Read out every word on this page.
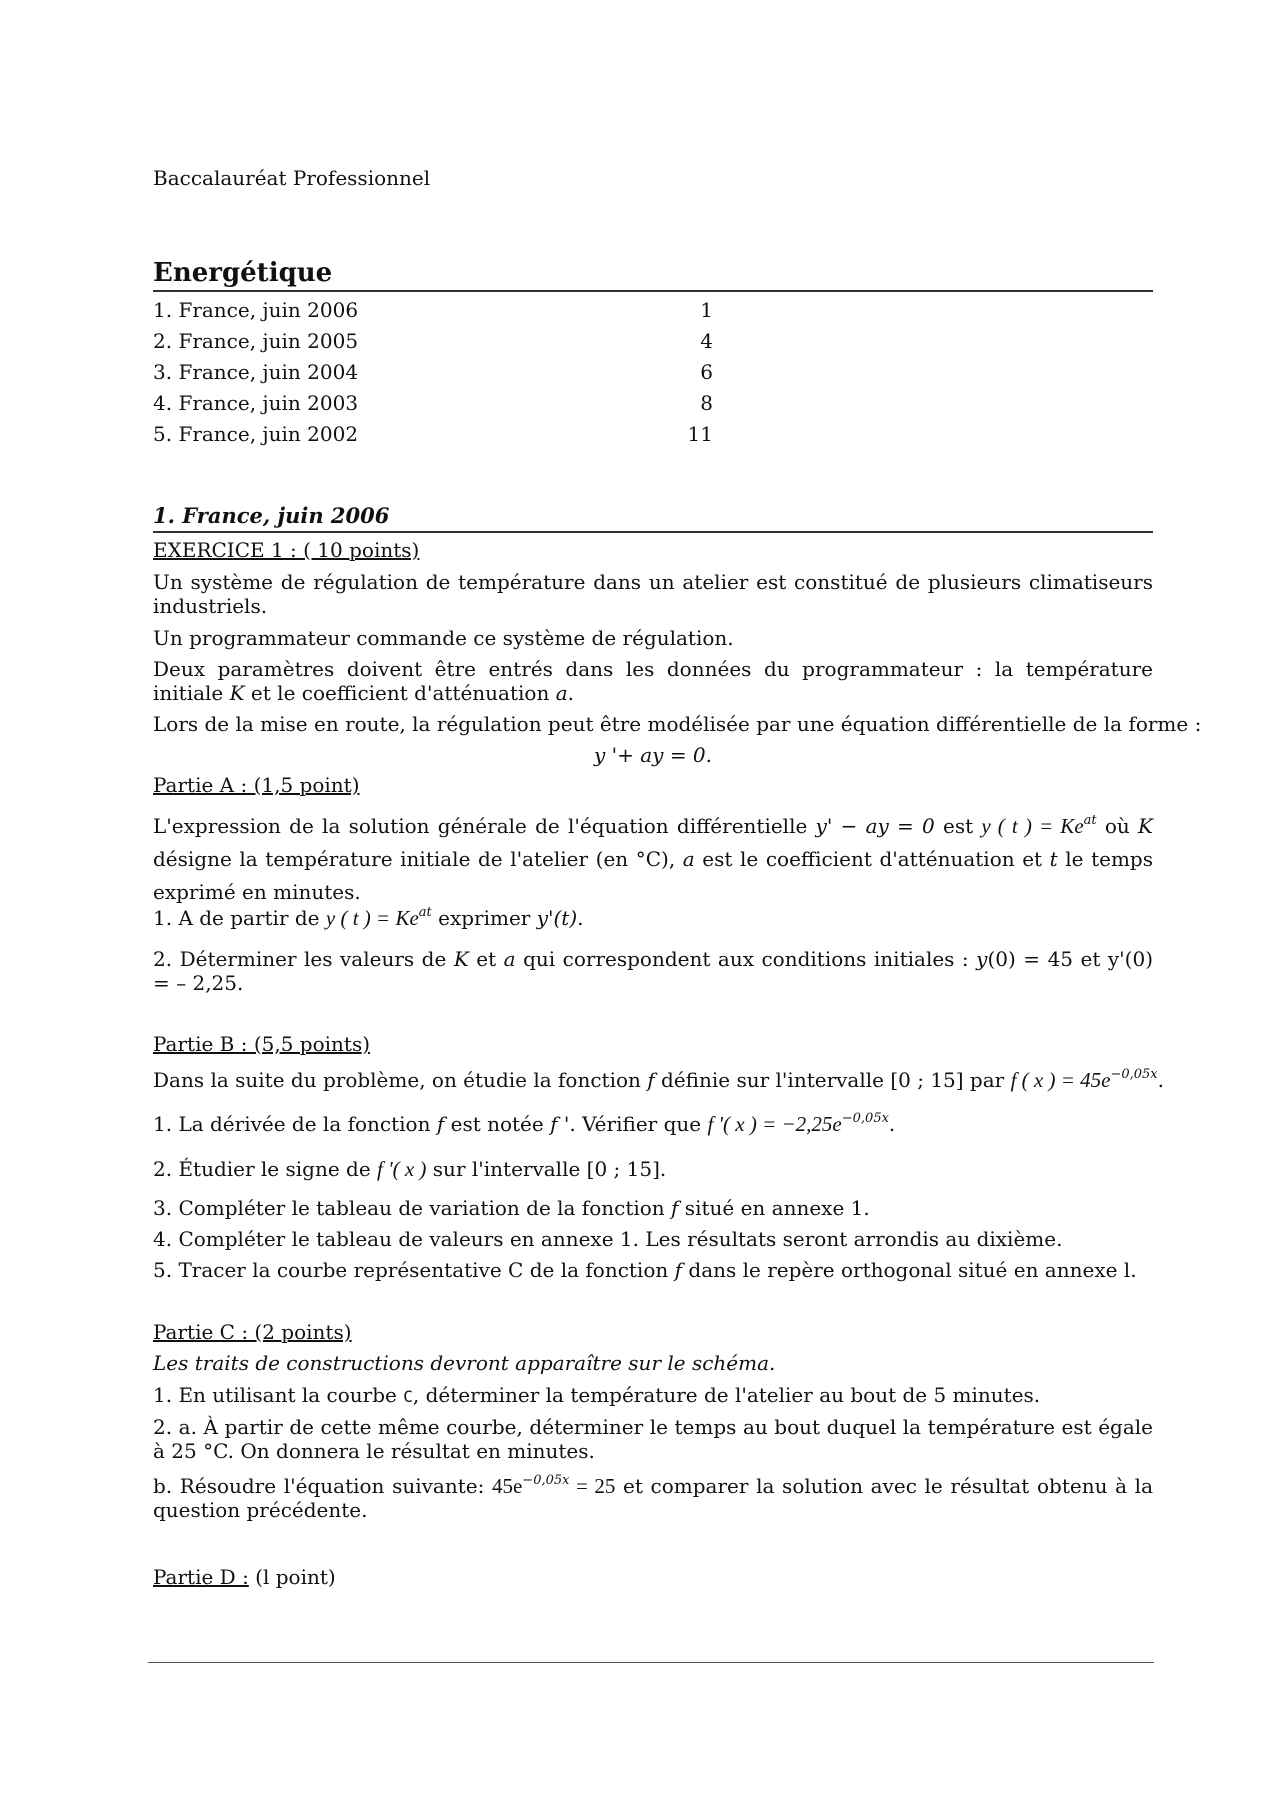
Baccalauréat Professionnel
Energétique
1. France, juin 2006	1
2. France, juin 2005	4
3. France, juin 2004	6
4. France, juin 2003	8
5. France, juin 2002	11
1. France, juin 2006
EXERCICE 1 : ( 10 points)
Un système de régulation de température dans un atelier est constitué de plusieurs climatiseurs industriels.
Un programmateur commande ce système de régulation.
Deux paramètres doivent être entrés dans les données du programmateur : la température initiale K et le coefficient d'atténuation a.
Lors de la mise en route, la régulation peut être modélisée par une équation différentielle de la forme :
y '+ ay = 0.
Partie A : (1,5 point)
L'expression de la solution générale de l'équation différentielle y' − ay = 0 est y ( t ) = $Ke^{at}$ où K désigne la température initiale de l'atelier (en °C), a est le coefficient d'atténuation et t le temps exprimé en minutes.
1. A de partir de y ( t ) = $Ke^{at}$ exprimer y'(t).
2. Déterminer les valeurs de K et a qui correspondent aux conditions initiales : y(0) = 45 et y'(0) = – 2,25.
Partie B : (5,5 points)
Dans la suite du problème, on étudie la fonction f définie sur l'intervalle [0 ; 15] par f ( x ) = $45e^{-0,05x}$.
1. La dérivée de la fonction f est notée f '. Vérifier que f '( x ) = $-2,25e^{-0,05x}$.
2. Étudier le signe de f '( x ) sur l'intervalle [0 ; 15].
3. Compléter le tableau de variation de la fonction f situé en annexe 1.
4. Compléter le tableau de valeurs en annexe 1. Les résultats seront arrondis au dixième.
5. Tracer la courbe représentative C de la fonction f dans le repère orthogonal situé en annexe l.
Partie C : (2 points)
Les traits de constructions devront apparaître sur le schéma.
1. En utilisant la courbe C, déterminer la température de l'atelier au bout de 5 minutes.
2. a. À partir de cette même courbe, déterminer le temps au bout duquel la température est égale à 25 °C. On donnera le résultat en minutes.
b. Résoudre l'équation suivante: $45e^{-0,05x} = 25$ et comparer la solution avec le résultat obtenu à la question précédente.
Partie D : (l point)
